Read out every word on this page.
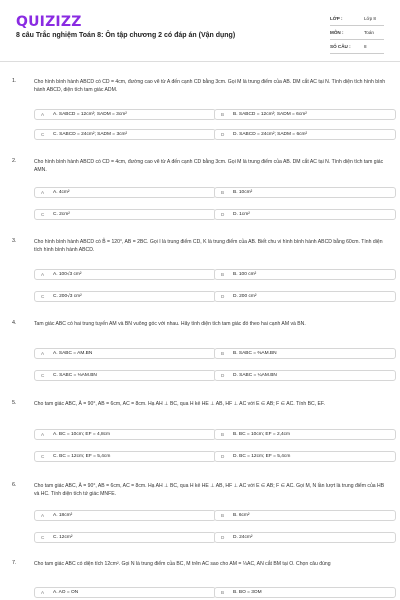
QUIZIZZ
8 câu Trắc nghiệm Toán 8: Ôn tập chương 2 có đáp án (Vận dụng)
LỚP :	Lớp 8
MÔN :	Toán
SỐ CÂU :	8
1.	Cho hình bình hành ABCD có CD = 4cm, đường cao vẽ từ A đến cạnh CD bằng 3cm. Gọi M là trung điểm của AB. DM cắt AC tại N. Tính diện tích hình bình hành ABCD, diện tích tam giác ADM.
A A. SABCD = 12cm²; SADM = 3cm²	B B. SABCD = 12cm²; SADM = 6cm²
C C. SABCD = 24cm²; SADM = 3cm²	D D. SABCD = 24cm²; SADM = 6cm²
2.	Cho hình bình hành ABCD có CD = 4cm, đường cao vẽ từ A đến cạnh CD bằng 3cm. Gọi M là trung điểm của AB. DM cắt AC tại N. Tính diện tích tam giác AMN.
A A. 4cm²	B B. 10cm²
C C. 2cm²	D D. 1cm²
3.	Cho hình bình hành ABCD có B̂ = 120°, AB = 2BC. Gọi I là trung điểm CD, K là trung điểm của AB. Biết chu vi hình bình hành ABCD bằng 60cm. Tính diện tích hình bình hành ABCD.
A A. 100√3 cm²	B B. 100 cm²
C C. 200√3 cm²	D D. 200 cm²
4.	Tam giác ABC có hai trung tuyến AM và BN vuông góc với nhau. Hãy tính diện tích tam giác đó theo hai cạnh AM và BN.
A A. SABC = AM.BN	B B. SABC = ⅔AM.BN
C C. SABC = ⅓AM.BN	D D. SABC = ¼AM.BN
5.	Cho tam giác ABC, Â = 90°, AB = 6cm, AC = 8cm. Hạ AH ⊥ BC, qua H kẻ HE ⊥ AB, HF ⊥ AC với E ∈ AB; F ∈ AC. Tính BC, EF.
A A. BC = 10cm; EF = 4,8cm	B B. BC = 10cm; EF = 2,4cm
C C. BC = 12cm; EF = 5,4cm	D D. BC = 12cm; EF = 5,4cm
6.	Cho tam giác ABC, Â = 90°, AB = 6cm, AC = 8cm. Hạ AH ⊥ BC, qua H kẻ HE ⊥ AB, HF ⊥ AC với E ∈ AB; F ∈ AC. Gọi M, N lần lượt là trung điểm của HB và HC. Tính diện tích tứ giác MNFE.
A A. 18cm²	B B. 6cm²
C C. 12cm²	D D. 24cm²
7.	Cho tam giác ABC có diện tích 12cm². Gọi N là trung điểm của BC, M trên AC sao cho AM = ⅓AC, AN cắt BM tại O. Chọn câu đúng
A A. AO = ON	B B. BO = 3OM
